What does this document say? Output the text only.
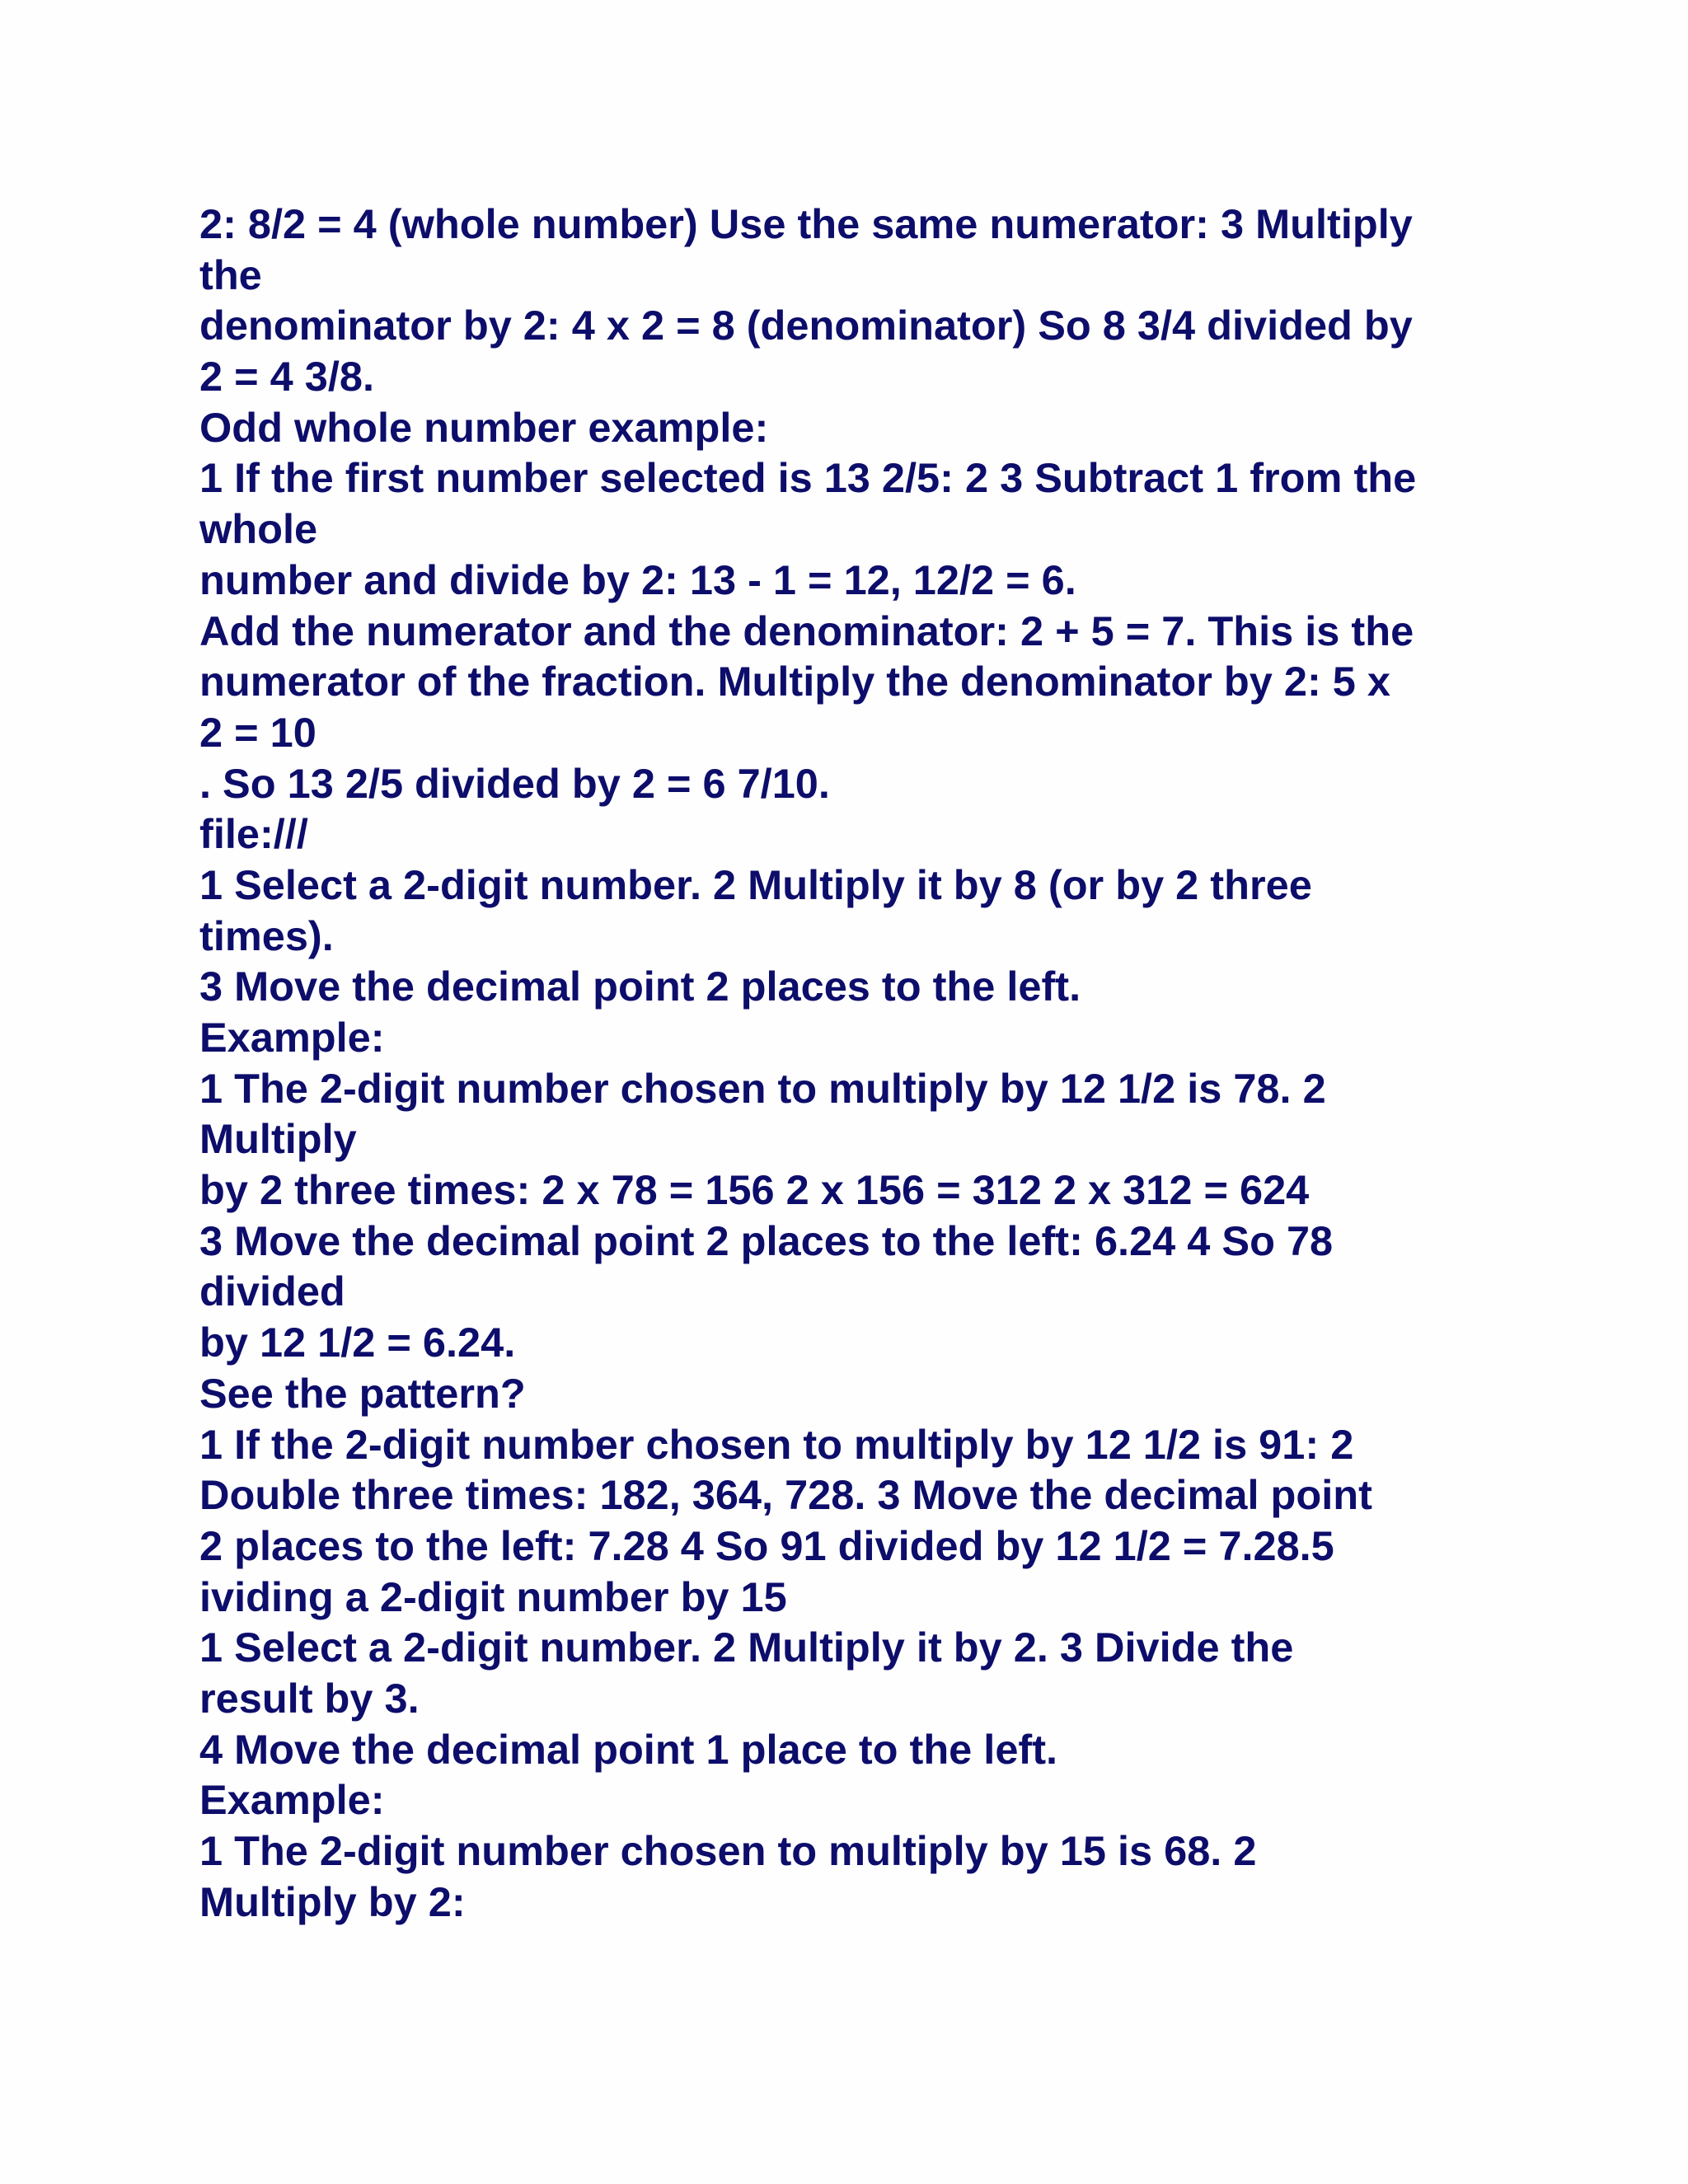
2: 8/2 = 4 (whole number) Use the same numerator: 3 Multiply
the
denominator by 2: 4 x 2 = 8 (denominator) So 8 3/4 divided by
2 = 4 3/8.
Odd whole number example:
1 If the first number selected is 13 2/5: 2 3 Subtract 1 from the
whole
number and divide by 2: 13 - 1 = 12, 12/2 = 6.
Add the numerator and the denominator: 2 + 5 = 7. This is the
numerator of the fraction. Multiply the denominator by 2: 5 x
2 = 10
. So 13 2/5 divided by 2 = 6 7/10.
file:///
1 Select a 2-digit number. 2 Multiply it by 8 (or by 2 three
times).
3 Move the decimal point 2 places to the left.
Example:
1 The 2-digit number chosen to multiply by 12 1/2 is 78. 2
Multiply
by 2 three times: 2 x 78 = 156 2 x 156 = 312 2 x 312 = 624
3 Move the decimal point 2 places to the left: 6.24 4 So 78
divided
by 12 1/2 = 6.24.
See the pattern?
1 If the 2-digit number chosen to multiply by 12 1/2 is 91: 2
Double three times: 182, 364, 728. 3 Move the decimal point
2 places to the left: 7.28 4 So 91 divided by 12 1/2 = 7.28.5
ividing a 2-digit number by 15
1 Select a 2-digit number. 2 Multiply it by 2. 3 Divide the
result by 3.
4 Move the decimal point 1 place to the left.
Example:
1 The 2-digit number chosen to multiply by 15 is 68. 2
Multiply by 2:
